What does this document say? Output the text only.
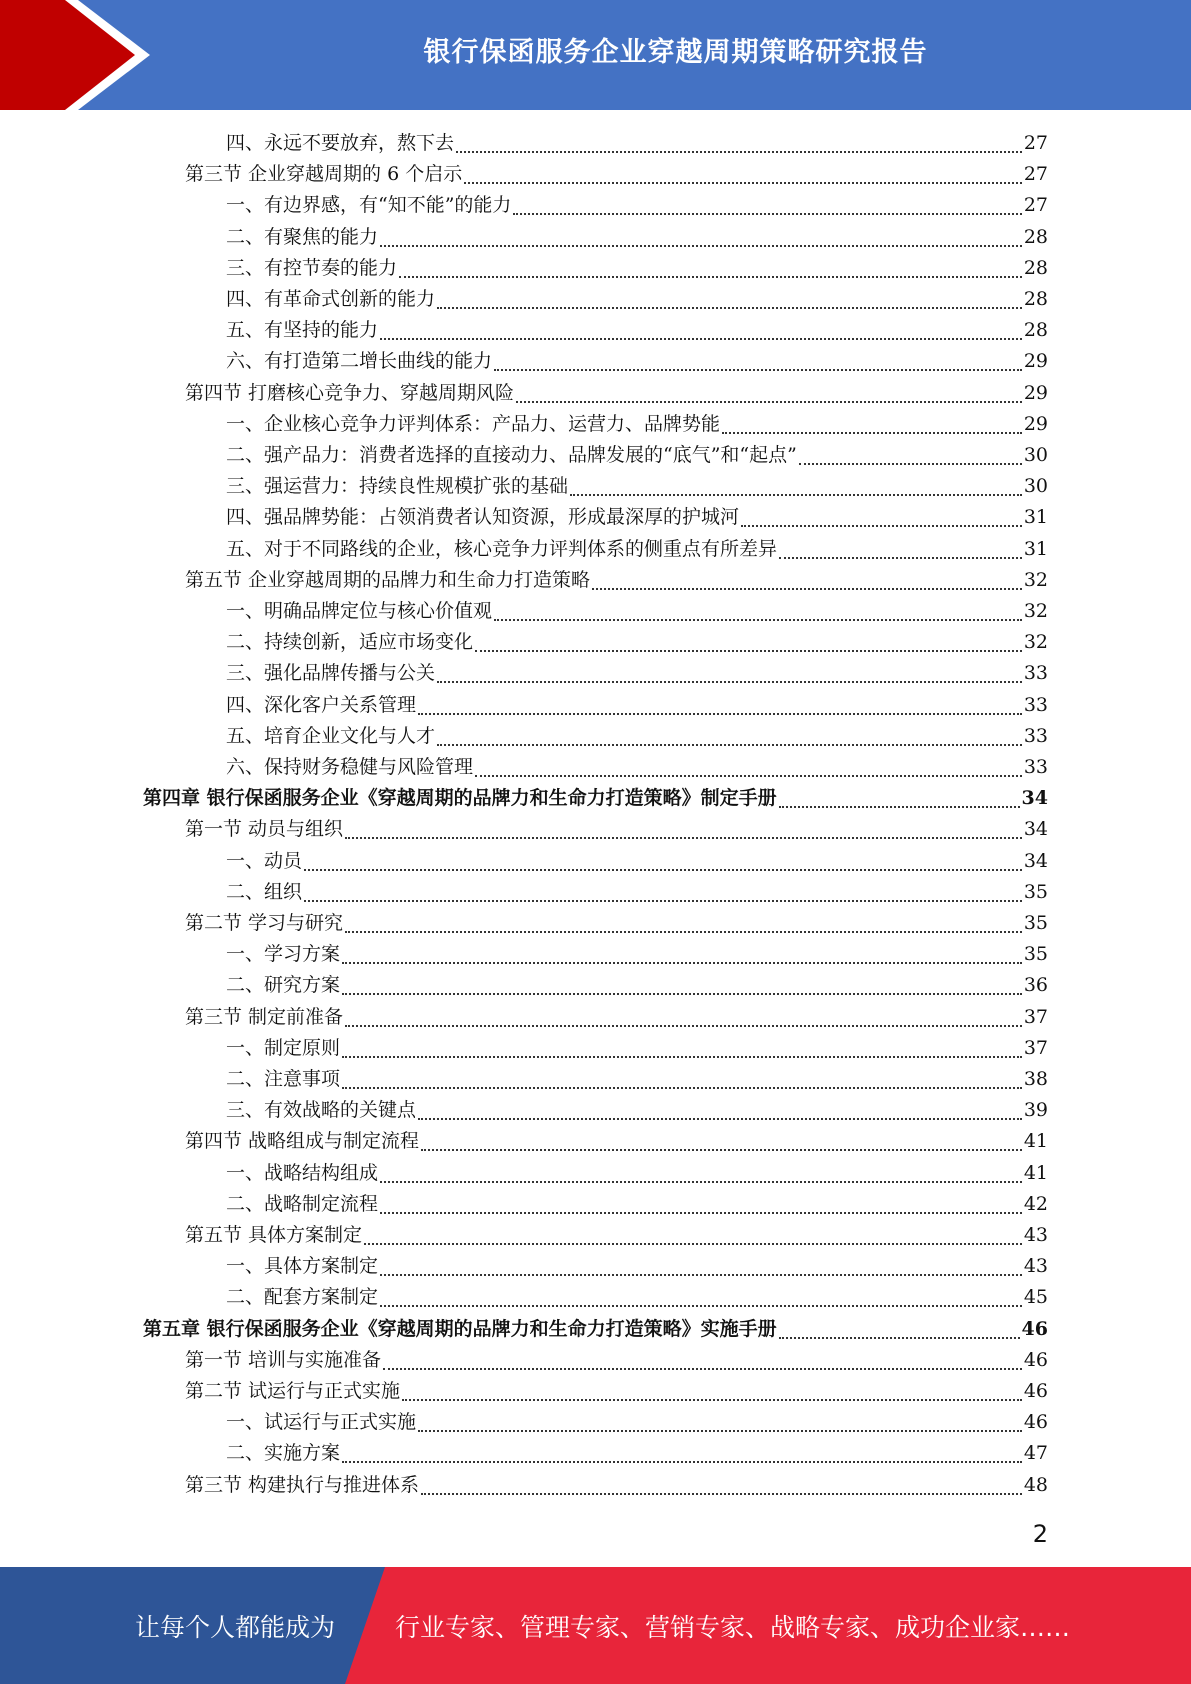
银行保函服务企业穿越周期策略研究报告
四、永远不要放弃，熬下去	27
第三节 企业穿越周期的 6 个启示	27
一、有边界感，有“知不能”的能力	27
二、有聚焦的能力	28
三、有控节奏的能力	28
四、有革命式创新的能力	28
五、有坚持的能力	28
六、有打造第二增长曲线的能力	29
第四节 打磨核心竞争力、穿越周期风险	29
一、企业核心竞争力评判体系：产品力、运营力、品牌势能	29
二、强产品力：消费者选择的直接动力、品牌发展的“底气”和“起点”	30
三、强运营力：持续良性规模扩张的基础	30
四、强品牌势能：占领消费者认知资源，形成最深厚的护城河	31
五、对于不同路线的企业，核心竞争力评判体系的侧重点有所差异	31
第五节 企业穿越周期的品牌力和生命力打造策略	32
一、明确品牌定位与核心价值观	32
二、持续创新，适应市场变化	32
三、强化品牌传播与公关	33
四、深化客户关系管理	33
五、培育企业文化与人才	33
六、保持财务稳健与风险管理	33
第四章 银行保函服务企业《穿越周期的品牌力和生命力打造策略》制定手册	34
第一节 动员与组织	34
一、动员	34
二、组织	35
第二节 学习与研究	35
一、学习方案	35
二、研究方案	36
第三节 制定前准备	37
一、制定原则	37
二、注意事项	38
三、有效战略的关键点	39
第四节 战略组成与制定流程	41
一、战略结构组成	41
二、战略制定流程	42
第五节 具体方案制定	43
一、具体方案制定	43
二、配套方案制定	45
第五章 银行保函服务企业《穿越周期的品牌力和生命力打造策略》实施手册	46
第一节 培训与实施准备	46
第二节 试运行与正式实施	46
一、试运行与正式实施	46
二、实施方案	47
第三节 构建执行与推进体系	48
2
让每个人都能成为	行业专家、管理专家、营销专家、战略专家、成功企业家……
